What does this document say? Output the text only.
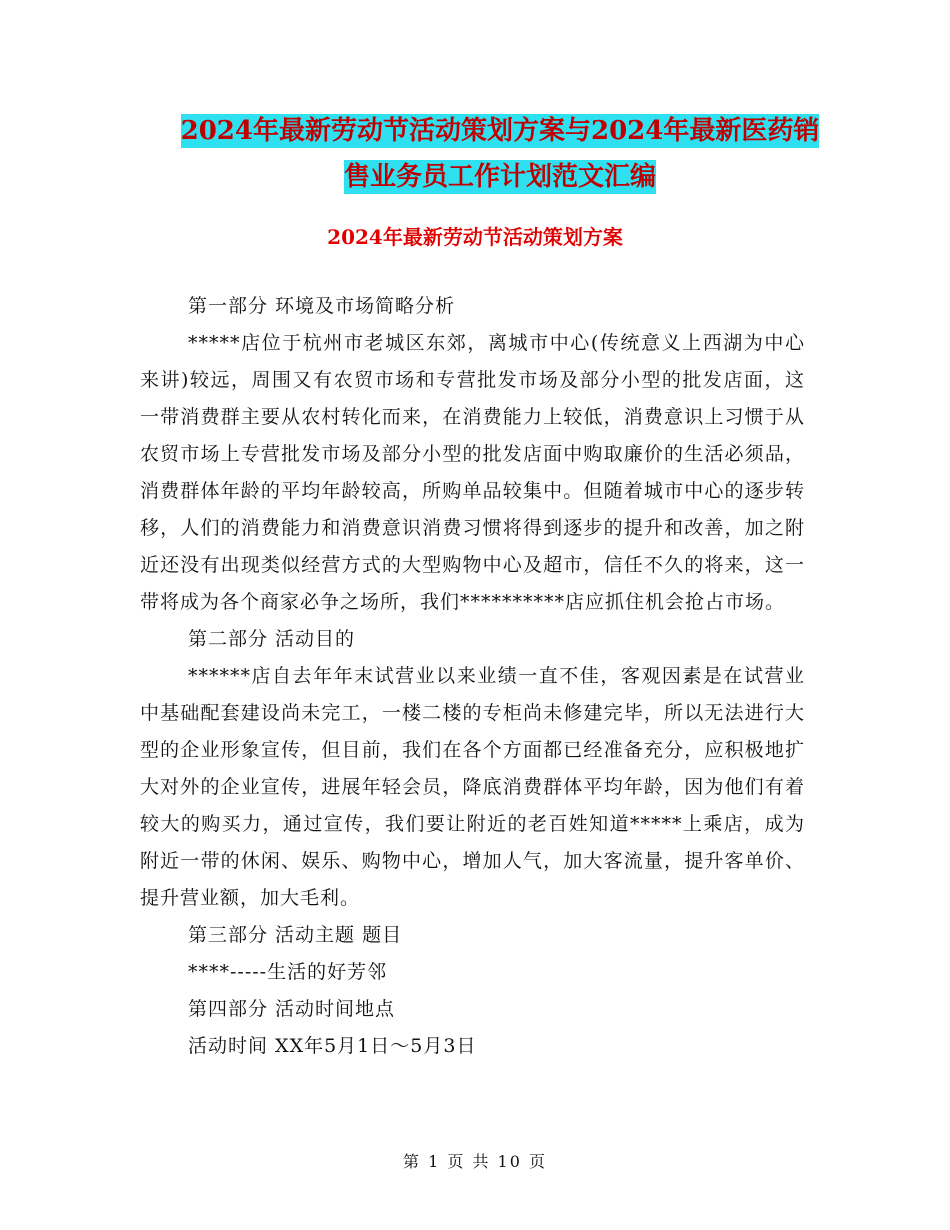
2024年最新劳动节活动策划方案与2024年最新医药销
售业务员工作计划范文汇编
2024年最新劳动节活动策划方案

第一部分 环境及市场简略分析

*****店位于杭州市老城区东郊，离城市中心(传统意义上西湖为中心来讲)较远，周围又有农贸市场和专营批发市场及部分小型的批发店面，这一带消费群主要从农村转化而来，在消费能力上较低，消费意识上习惯于从农贸市场上专营批发市场及部分小型的批发店面中购取廉价的生活必须品，消费群体年龄的平均年龄较高，所购单品较集中。但随着城市中心的逐步转移，人们的消费能力和消费意识消费习惯将得到逐步的提升和改善，加之附近还没有出现类似经营方式的大型购物中心及超市，信任不久的将来，这一带将成为各个商家必争之场所，我们**********店应抓住机会抢占市场。

第二部分 活动目的

******店自去年年末试营业以来业绩一直不佳，客观因素是在试营业中基础配套建设尚未完工，一楼二楼的专柜尚未修建完毕，所以无法进行大型的企业形象宣传，但目前，我们在各个方面都已经准备充分，应积极地扩大对外的企业宣传，进展年轻会员，降底消费群体平均年龄，因为他们有着较大的购买力，通过宣传，我们要让附近的老百姓知道*****上乘店，成为附近一带的休闲、娱乐、购物中心，增加人气，加大客流量，提升客单价、提升营业额，加大毛利。

第三部分 活动主题 题目

****-----生活的好芳邻

第四部分 活动时间地点

活动时间 XX年5月1日～5月3日

第 1 页 共 10 页
